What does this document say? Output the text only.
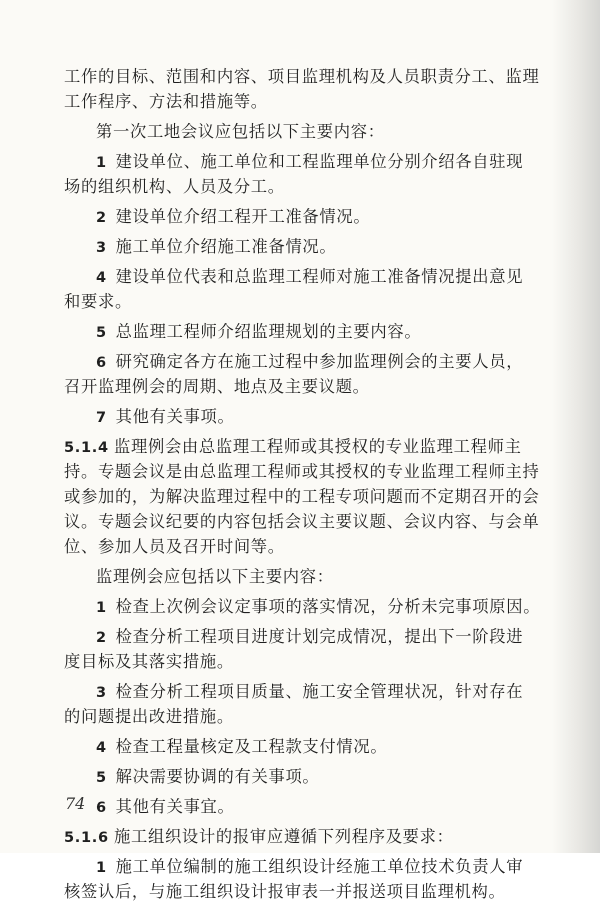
工作的目标、范围和内容、项目监理机构及人员职责分工、监理
工作程序、方法和措施等。
第一次工地会议应包括以下主要内容：
1  建设单位、施工单位和工程监理单位分别介绍各自驻现
场的组织机构、人员及分工。
2  建设单位介绍工程开工准备情况。
3  施工单位介绍施工准备情况。
4  建设单位代表和总监理工程师对施工准备情况提出意见
和要求。
5  总监理工程师介绍监理规划的主要内容。
6  研究确定各方在施工过程中参加监理例会的主要人员，
召开监理例会的周期、地点及主要议题。
7  其他有关事项。
5.1.4 监理例会由总监理工程师或其授权的专业监理工程师主
持。专题会议是由总监理工程师或其授权的专业监理工程师主持
或参加的，为解决监理过程中的工程专项问题而不定期召开的会
议。专题会议纪要的内容包括会议主要议题、会议内容、与会单
位、参加人员及召开时间等。
监理例会应包括以下主要内容：
1  检查上次例会议定事项的落实情况，分析未完事项原因。
2  检查分析工程项目进度计划完成情况，提出下一阶段进
度目标及其落实措施。
3  检查分析工程项目质量、施工安全管理状况，针对存在
的问题提出改进措施。
4  检查工程量核定及工程款支付情况。
5  解决需要协调的有关事项。
6  其他有关事宜。
5.1.6 施工组织设计的报审应遵循下列程序及要求：
1  施工单位编制的施工组织设计经施工单位技术负责人审
核签认后，与施工组织设计报审表一并报送项目监理机构。
74
